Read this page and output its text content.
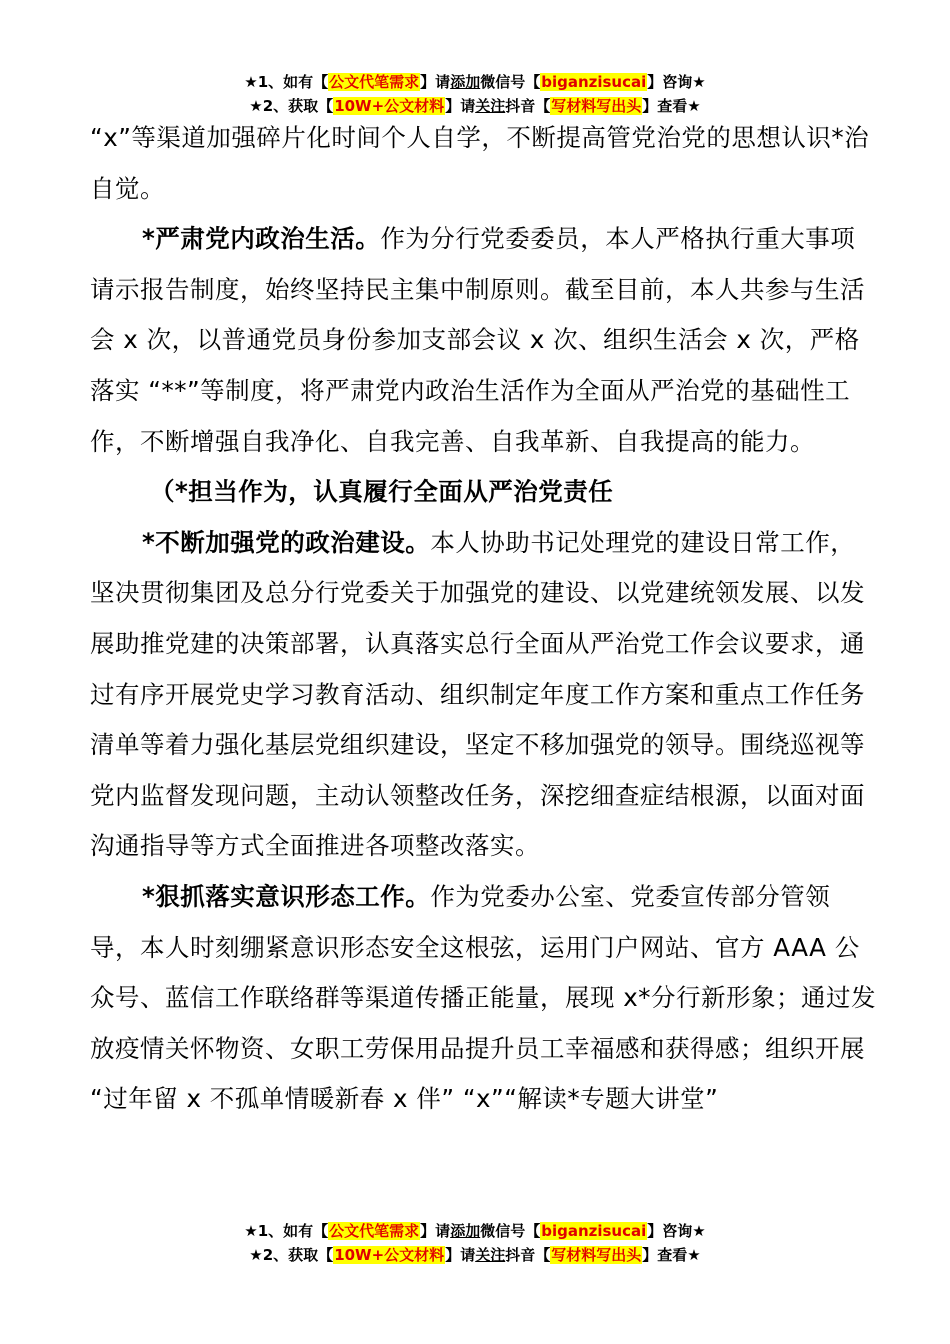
★1、如有【公文代笔需求】请添加微信号【biganzisucai】咨询★
★2、获取【10W+公文材料】请关注抖音【写材料写出头】查看★

“x”等渠道加强碎片化时间个人自学，不断提高管党治党的思想认识*治自觉。

*严肃党内政治生活。作为分行党委委员，本人严格执行重大事项请示报告制度，始终坚持民主集中制原则。截至目前，本人共参与生活会 x 次，以普通党员身份参加支部会议 x 次、组织生活会 x 次，严格落实 “**”等制度，将严肃党内政治生活作为全面从严治党的基础性工作，不断增强自我净化、自我完善、自我革新、自我提高的能力。

（*担当作为，认真履行全面从严治党责任

*不断加强党的政治建设。本人协助书记处理党的建设日常工作，坚决贯彻集团及总分行党委关于加强党的建设、以党建统领发展、以发展助推党建的决策部署，认真落实总行全面从严治党工作会议要求，通过有序开展党史学习教育活动、组织制定年度工作方案和重点工作任务清单等着力强化基层党组织建设，坚定不移加强党的领导。围绕巡视等党内监督发现问题，主动认领整改任务，深挖细查症结根源，以面对面沟通指导等方式全面推进各项整改落实。

*狠抓落实意识形态工作。作为党委办公室、党委宣传部分管领导，本人时刻绷紧意识形态安全这根弦，运用门户网站、官方 AAA 公众号、蓝信工作联络群等渠道传播正能量，展现 x*分行新形象；通过发放疫情关怀物资、女职工劳保用品提升员工幸福感和获得感；组织开展 “过年留 x 不孤单情暖新春 x 伴” “x”“解读*专题大讲堂”

★1、如有【公文代笔需求】请添加微信号【biganzisucai】咨询★
★2、获取【10W+公文材料】请关注抖音【写材料写出头】查看★
